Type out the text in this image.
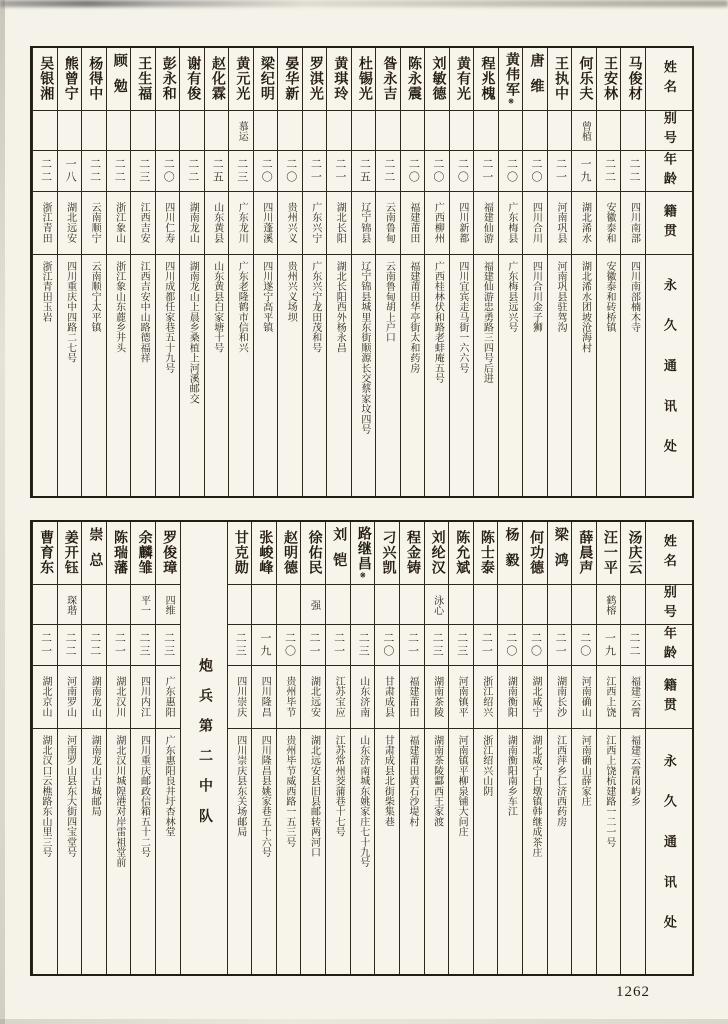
姓名
别号
年龄
籍贯
永久通讯处
马俊材
二二
四川南部
四川南部楠木寺
王安林
二二
安徽泰和
安徽泰和砖桥镇
何乐夫
曾植
一九
湖北浠水
湖北浠水团坡沧海村
王执中
二一
河南巩县
河南巩县驻驾沟
唐维
二〇
四川合川
四川合川金子狮
黄伟军※
二〇
广东梅县
广东梅县远兴号
程兆槐
二一
福建仙游
福建仙游忠勇路三四号后进
黄有光
二〇
四川新都
四川宜宾走马街一六六号
刘敏德
二〇
广西柳州
广西桂林伏和路老蚌庵五号
陈永震
二〇
福建莆田
福建莆田华亭街太和药房
昝永吉
二二
云南鲁甸
云南鲁甸胡上户口
杜锡光
二五
辽宁锦县
辽宁锦县城里东街顺源长交蔡家坟四号
黄琪玲
二一
湖北长阳
湖北长阳西外杨永昌
罗淇光
二一
广东兴宁
广东兴宁龙田茂和号
晏华新
二〇
贵州兴义
贵州兴义场坝
梁纪明
二〇
四川蓬溪
四川遂宁高平镇
黄元光
慕运
二三
广东龙川
广东老隆鹤市信和兴
赵化霖
二五
山东黄县
山东黄县白家塘十号
谢有俊
二二
湖南龙山
湖南龙山上晨乡桑植上河溪邮交
彭永和
二〇
四川仁寿
四川成都任家巷五十九号
王生福
二三
江西吉安
江西吉安中山路德福祥
顾勉
二二
浙江象山
浙江象山东蔍乡井头
杨得中
二二
云南顺宁
云南顺宁太平镇
熊曾宁
一八
湖北远安
四川重庆中四路二七号
吴银湘
二二
浙江青田
浙江青田玉岩
姓名
别号
年龄
籍贯
永久通讯处
汤庆云
二二
福建云霄
福建云霄岗屿乡
汪一平
鹤榕
一九
江西上饶
江西上饶杭建路一二一号
薛晨声
二〇
河南确山
河南确山薛家庄
梁鸿
二一
湖南长沙
江西萍乡仁济西药房
何功德
二〇
湖北咸宁
湖北咸宁白墩镇韩继成茶庄
杨毅
二〇
湖南衡阳
湖南衡阳南乡车江
陈士泰
二一
浙江绍兴
浙江绍兴山阴
陈允斌
二三
河南镇平
河南镇平柳泉铺大问庄
刘纶汉
泳心
二三
湖南茶陵
湖南茶陵酃西王家渡
程金铸
二一
福建莆田
福建莆田黄石沙堤村
刁兴凯
二〇
甘肃成县
甘肃成县北街柴集巷
路继昌※
二三
山东济南
山东济南城东姚家庄七十九号
刘铠
二一
江苏宝应
江苏常州茭蒲巷十七号
徐佑民
强
二一
湖北远安
湖北远安县旧县邮转两河口
赵明德
二〇
贵州毕节
贵州毕节威西路一五三号
张峻峰
一九
四川隆昌
四川隆昌县姚家巷五十六号
甘克勋
二三
四川崇庆
四川崇庆县东关场邮局
炮兵第二中队
罗俊璋
四维
二三
广东惠阳
广东惠阳良井圩杏林堂
余麟雏
平一
二三
四川内江
四川重庆邮政信箱五十二号
陈瑞藩
二一
湖北汉川
湖北汉川城隍港对岸雷祖堂前
崇总
二二
湖南龙山
湖南龙山古城邮局
姜开钰
琛瑎
二二
河南罗山
河南罗山县东大街四宝堂号
曹育东
二一
湖北京山
湖北汉口云樵路东山里三号
1262
